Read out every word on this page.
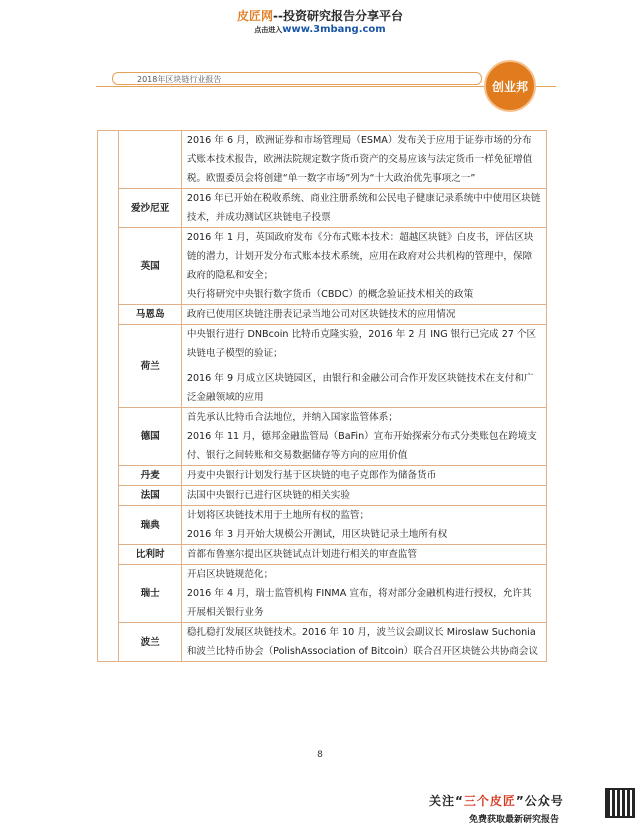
皮匠网--投资研究报告分享平台
点击进入www.3mbang.com
2018年区块链行业报告	创业邦
		2016 年 6 月，欧洲证券和市场管理局（ESMA）发布关于应用于证券市场的分布式账本技术报告，欧洲法院规定数字货币资产的交易应该与法定货币一样免征增值税。欧盟委员会将创建“单一数字市场”列为“十大政治优先事项之一”
	爱沙尼亚	2016 年已开始在税收系统、商业注册系统和公民电子健康记录系统中中使用区块链技术，并成功测试区块链电子投票
	英国	2016 年 1 月，英国政府发布《分布式账本技术：超越区块链》白皮书，评估区块链的潜力，计划开发分布式账本技术系统，应用在政府对公共机构的管理中，保障政府的隐私和安全；
央行将研究中央银行数字货币（CBDC）的概念验证技术相关的政策
	马恩岛	政府已使用区块链注册表记录当地公司对区块链技术的应用情况
	荷兰	中央银行进行 DNBcoin 比特币克隆实验，2016 年 2 月 ING 银行已完成 27 个区块链电子模型的验证；
2016 年 9 月成立区块链园区，由银行和金融公司合作开发区块链技术在支付和广泛金融领域的应用
	德国	首先承认比特币合法地位，并纳入国家监管体系；
2016 年 11 月，德邦金融监管局（BaFin）宣布开始探索分布式分类账包在跨境支付、银行之间转账和交易数据储存等方向的应用价值
	丹麦	丹麦中央银行计划发行基于区块链的电子克郎作为储备货币
	法国	法国中央银行已进行区块链的相关实验
	瑞典	计划将区块链技术用于土地所有权的监管；
2016 年 3 月开始大规模公开测试，用区块链记录土地所有权
	比利时	首都布鲁塞尔提出区块链试点计划进行相关的审查监管
	瑞士	开启区块链规范化；
2016 年 4 月，瑞士监管机构 FINMA 宣布，将对部分金融机构进行授权，允许其开展相关银行业务
	波兰	稳扎稳打发展区块链技术。2016 年 10 月，波兰议会副议长 Miroslaw Suchonia 和波兰比特币协会（PolishAssociation of Bitcoin）联合召开区块链公共协商会议
8
关注“三个皮匠”公众号
免费获取最新研究报告
